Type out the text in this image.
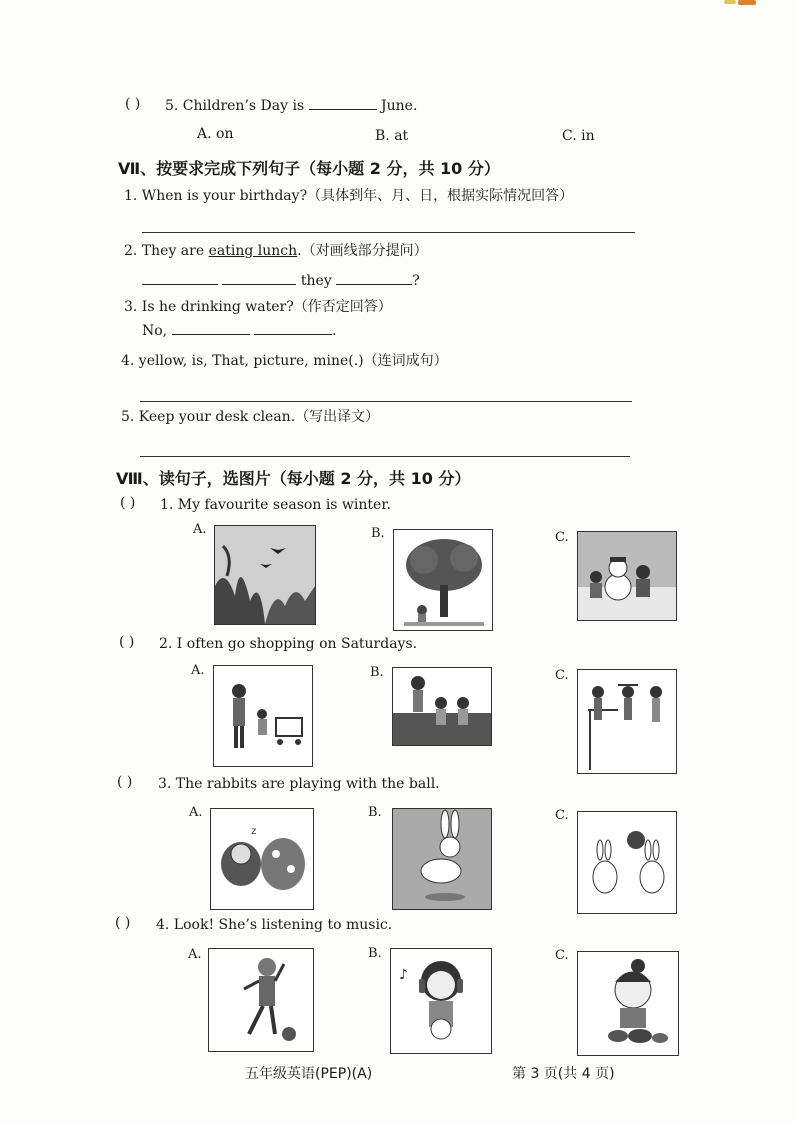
( ) 5. Children’s Day is	June.
A. on	B. at	C. in
Ⅶ、按要求完成下列句子（每小题 2 分，共 10 分）
1. When is your birthday?（具体到年、月、日，根据实际情况回答）
2. They are eating lunch.（对画线部分提问）
they	?
3. Is he drinking water?（作否定回答）
No,	.
4. yellow, is, That, picture, mine(.)（连词成句）
5. Keep your desk clean.（写出译文）
Ⅷ、读句子，选图片（每小题 2 分，共 10 分）
( ) 1. My favourite season is winter.
A.	B.	C.
( ) 2. I often go shopping on Saturdays.
A.	B.	C.
( ) 3. The rabbits are playing with the ball.
A.	B.	C.
z
( ) 4. Look! She’s listening to music.
A.	B.	C.
♪
五年级英语(PEP)(A)	第 3 页(共 4 页)
